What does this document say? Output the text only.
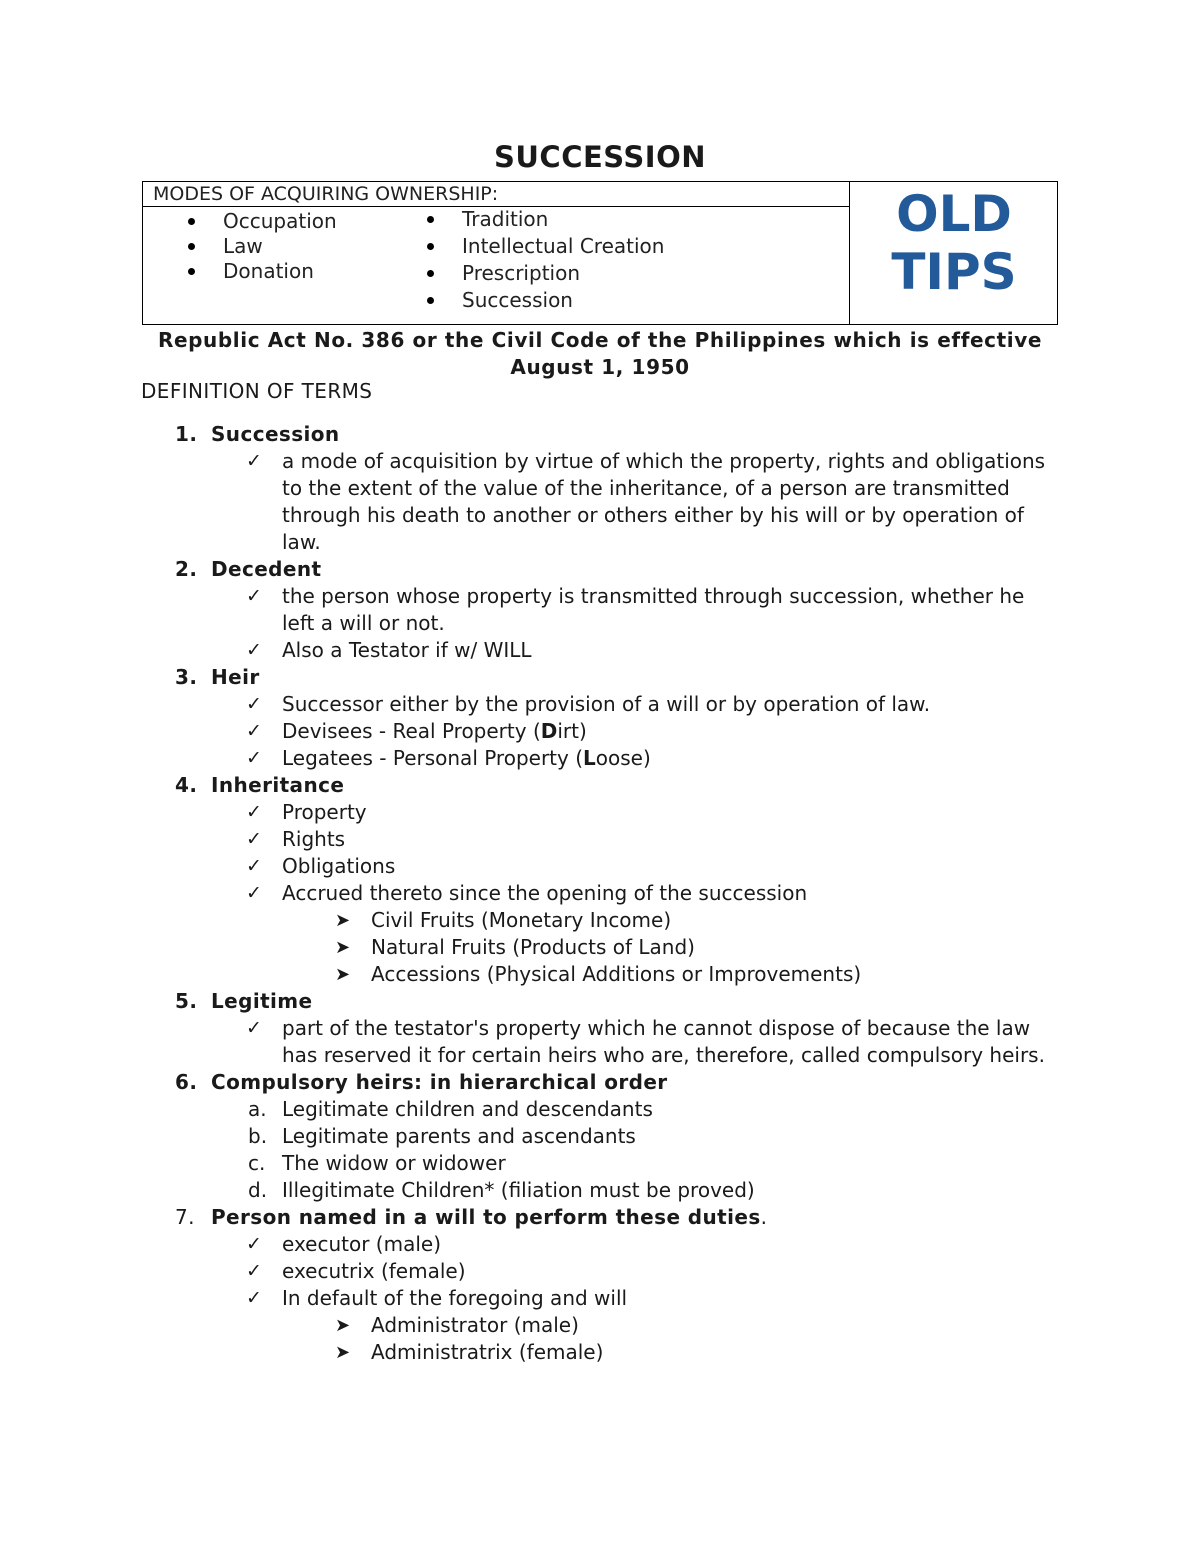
SUCCESSION
MODES OF ACQUIRING OWNERSHIP:
Occupation
Law
Donation
Tradition
Intellectual Creation
Prescription
Succession
OLD
TIPS
Republic Act No. 386 or the Civil Code of the Philippines which is effective
August 1, 1950
DEFINITION OF TERMS
1. Succession
✓ a mode of acquisition by virtue of which the property, rights and obligations to the extent of the value of the inheritance, of a person are transmitted through his death to another or others either by his will or by operation of law.
2. Decedent
✓ the person whose property is transmitted through succession, whether he left a will or not.
✓ Also a Testator if w/ WILL
3. Heir
✓ Successor either by the provision of a will or by operation of law.
✓ Devisees - Real Property (Dirt)
✓ Legatees - Personal Property (Loose)
4. Inheritance
✓ Property
✓ Rights
✓ Obligations
✓ Accrued thereto since the opening of the succession
➤ Civil Fruits (Monetary Income)
➤ Natural Fruits (Products of Land)
➤ Accessions (Physical Additions or Improvements)
5. Legitime
✓ part of the testator's property which he cannot dispose of because the law has reserved it for certain heirs who are, therefore, called compulsory heirs.
6. Compulsory heirs: in hierarchical order
a. Legitimate children and descendants
b. Legitimate parents and ascendants
c. The widow or widower
d. Illegitimate Children* (filiation must be proved)
7. Person named in a will to perform these duties.
✓ executor (male)
✓ executrix (female)
✓ In default of the foregoing and will
➤ Administrator (male)
➤ Administratrix (female)
